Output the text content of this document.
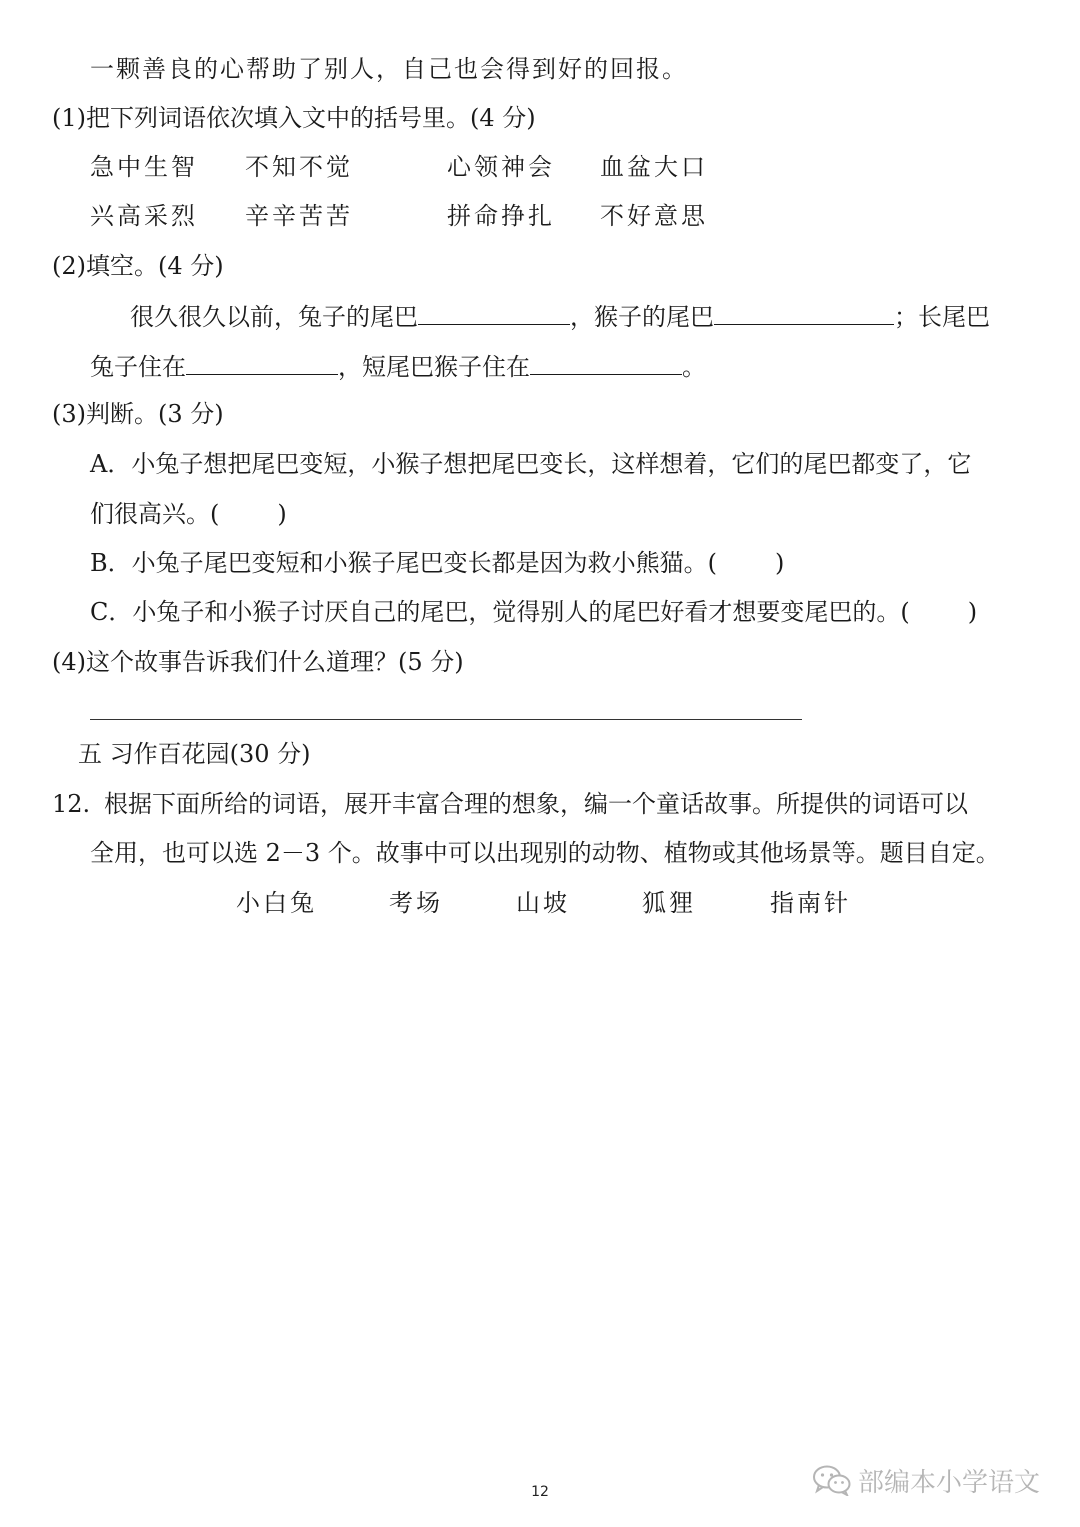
一颗善良的心帮助了别人，自己也会得到好的回报。
(1)把下列词语依次填入文中的括号里。(4 分)
急中生智 不知不觉	心领神会 血盆大口
兴高采烈 辛辛苦苦	拼命挣扎 不好意思
(2)填空。(4 分)
很久很久以前，兔子的尾巴	，猴子的尾巴	；长尾巴
兔子住在	，短尾巴猴子住在	。
(3)判断。(3 分)
A．小兔子想把尾巴变短，小猴子想把尾巴变长，这样想着，它们的尾巴都变了，它
们很高兴。( )
B．小兔子尾巴变短和小猴子尾巴变长都是因为救小熊猫。( )
C．小兔子和小猴子讨厌自己的尾巴，觉得别人的尾巴好看才想要变尾巴的。( )
(4)这个故事告诉我们什么道理？(5 分)
五 习作百花园(30 分)
12. 根据下面所给的词语，展开丰富合理的想象，编一个童话故事。所提供的词语可以
全用，也可以选 2－3 个。故事中可以出现别的动物、植物或其他场景等。题目自定。
小白兔	考场	山坡	狐狸	指南针
12	部编本小学语文
